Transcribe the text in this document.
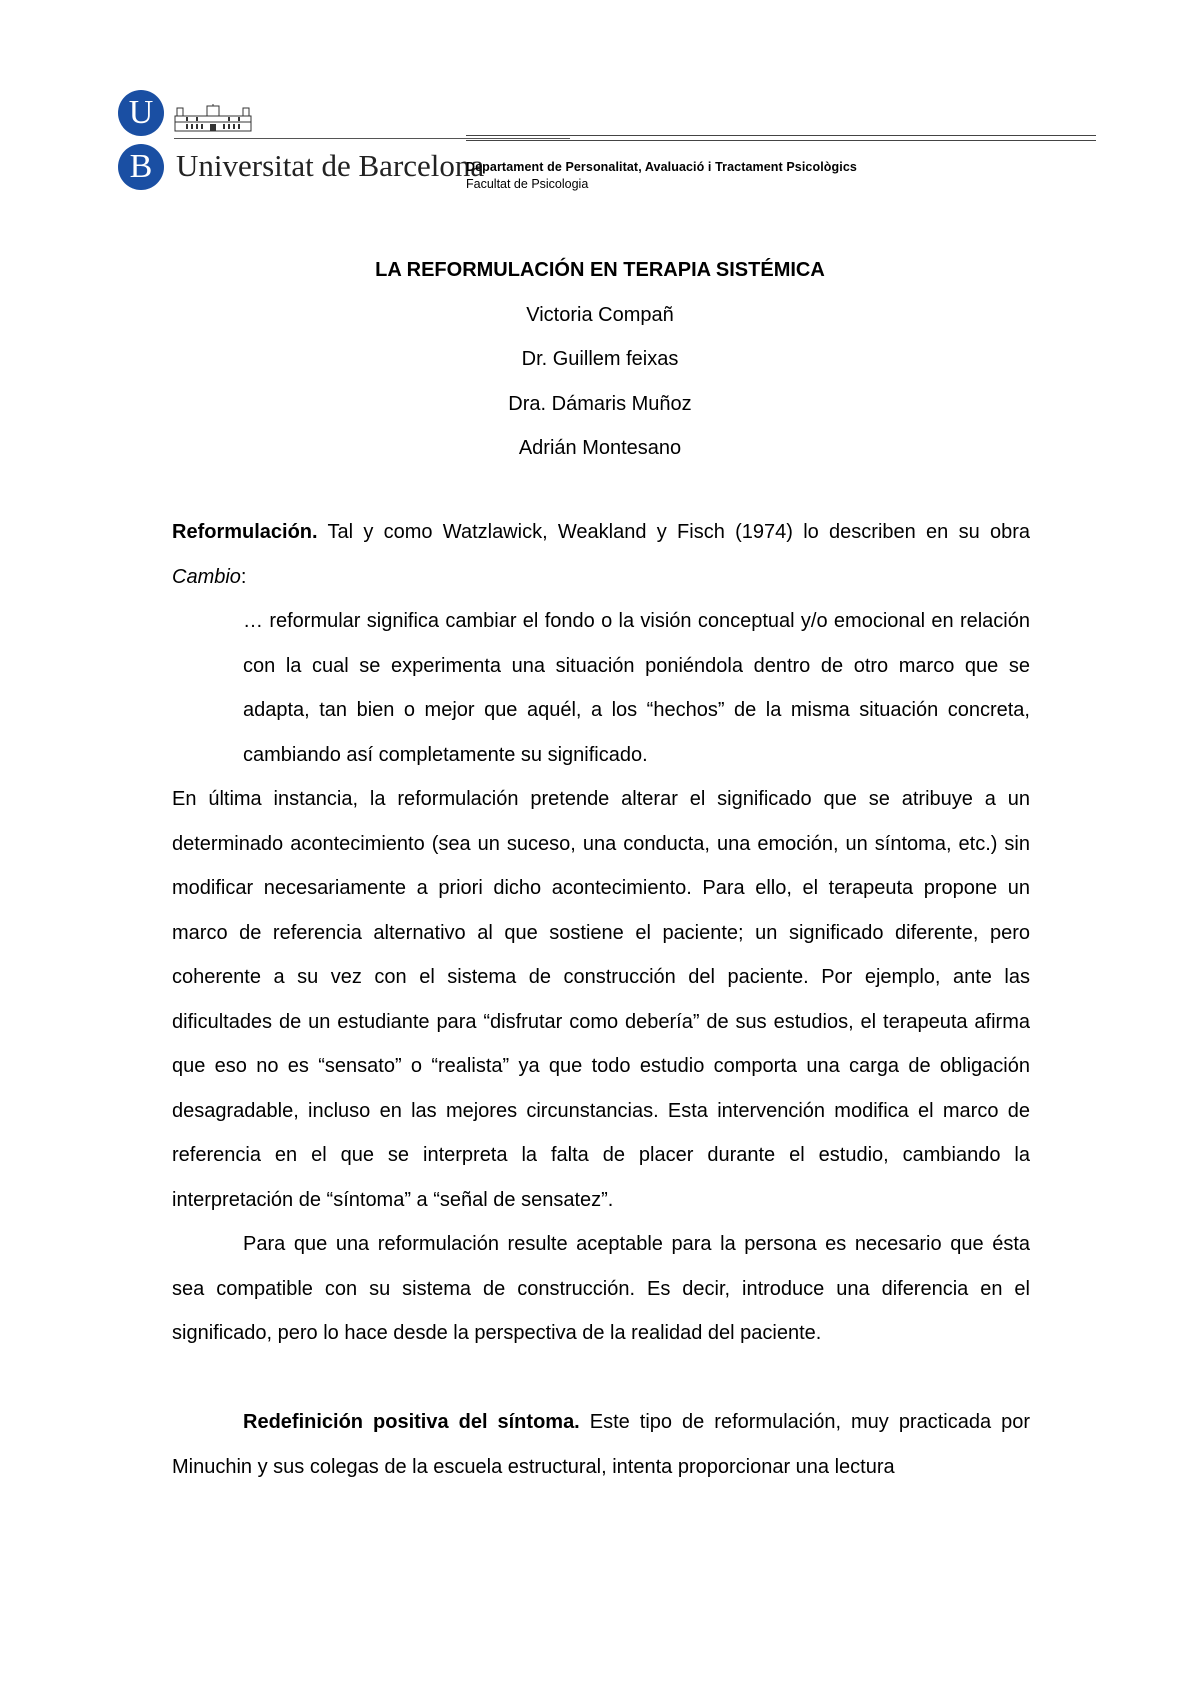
U
B Universitat de Barcelona
Departament de Personalitat, Avaluació i Tractament Psicològics
Facultat de Psicologia
LA REFORMULACIÓN EN TERAPIA SISTÉMICA
Victoria Compañ
Dr. Guillem feixas
Dra. Dámaris Muñoz
Adrián Montesano

Reformulación. Tal y como Watzlawick, Weakland y Fisch (1974) lo describen en su obra Cambio:

… reformular significa cambiar el fondo o la visión conceptual y/o emocional en relación con la cual se experimenta una situación poniéndola dentro de otro marco que se adapta, tan bien o mejor que aquél, a los “hechos” de la misma situación concreta, cambiando así completamente su significado.

En última instancia, la reformulación pretende alterar el significado que se atribuye a un determinado acontecimiento (sea un suceso, una conducta, una emoción, un síntoma, etc.) sin modificar necesariamente a priori dicho acontecimiento. Para ello, el terapeuta propone un marco de referencia alternativo al que sostiene el paciente; un significado diferente, pero coherente a su vez con el sistema de construcción del paciente. Por ejemplo, ante las dificultades de un estudiante para “disfrutar como debería” de sus estudios, el terapeuta afirma que eso no es “sensato” o “realista” ya que todo estudio comporta una carga de obligación desagradable, incluso en las mejores circunstancias. Esta intervención modifica el marco de referencia en el que se interpreta la falta de placer durante el estudio, cambiando la interpretación de “síntoma” a “señal de sensatez”.

Para que una reformulación resulte aceptable para la persona es necesario que ésta sea compatible con su sistema de construcción. Es decir, introduce una diferencia en el significado, pero lo hace desde la perspectiva de la realidad del paciente.

Redefinición positiva del síntoma. Este tipo de reformulación, muy practicada por Minuchin y sus colegas de la escuela estructural, intenta proporcionar una lectura
